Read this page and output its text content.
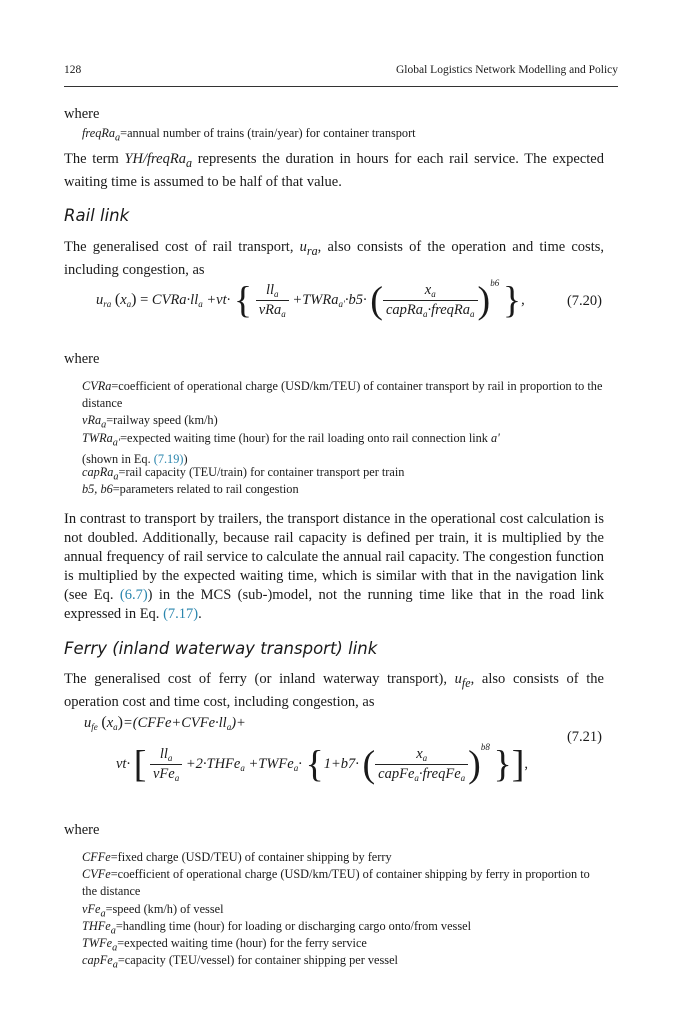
128	Global Logistics Network Modelling and Policy
where
freqRa$_a$=annual number of trains (train/year) for container transport
The term YH/freqRa$_a$ represents the duration in hours for each rail service. The expected waiting time is assumed to be half of that value.
Rail link
The generalised cost of rail transport, $u_{ra}$, also consists of the operation and time costs, including congestion, as
$u_{ra}$ $(x_a)$ = $CVRa\cdot ll_a +vt\cdot$ { $\frac{ll_a}{vRa_a}$ +TWRa$_{a'}$·b5· ( $\frac{x_a}{capRa_a\cdot freqRa_a} )^{b6}$ },	(7.20)
where
CVRa=coefficient of operational charge (USD/km/TEU) of container transport by rail in proportion to the distance
vRa$_a$=railway speed (km/h)
TWRa$_{a'}$=expected waiting time (hour) for the rail loading onto rail connection link a'
(shown in Eq. (7.19))
capRa$_a$=rail capacity (TEU/train) for container transport per train
b5, b6=parameters related to rail congestion
In contrast to transport by trailers, the transport distance in the operational cost calculation is not doubled. Additionally, because rail capacity is defined per train, it is multiplied by the annual frequency of rail service to calculate the annual rail capacity. The congestion function is multiplied by the expected waiting time, which is similar with that in the navigation link (see Eq. (6.7)) in the MCS (sub-)model, not the running time like that in the road link expressed in Eq. (7.17).
Ferry (inland waterway transport) link
The generalised cost of ferry (or inland waterway transport), $u_{fe}$, also consists of the operation cost and time cost, including congestion, as
$u_{fe}$ $(x_a)=(CFFe+CVFe\cdot ll_a)+$
(7.21)
vt· [ $\frac{ll_a}{vFe_a}$ +2·THFe$_a$ +TWFe$_a$· {1+b7· ( $\frac{x_a}{capFe_a\cdot freqFe_a} )^{b8}$ }],
where
CFFe=fixed charge (USD/TEU) of container shipping by ferry
CVFe=coefficient of operational charge (USD/km/TEU) of container shipping by ferry in proportion to the distance
vFe$_a$=speed (km/h) of vessel
THFe$_a$=handling time (hour) for loading or discharging cargo onto/from vessel
TWFe$_a$=expected waiting time (hour) for the ferry service
capFe$_a$=capacity (TEU/vessel) for container shipping per vessel
